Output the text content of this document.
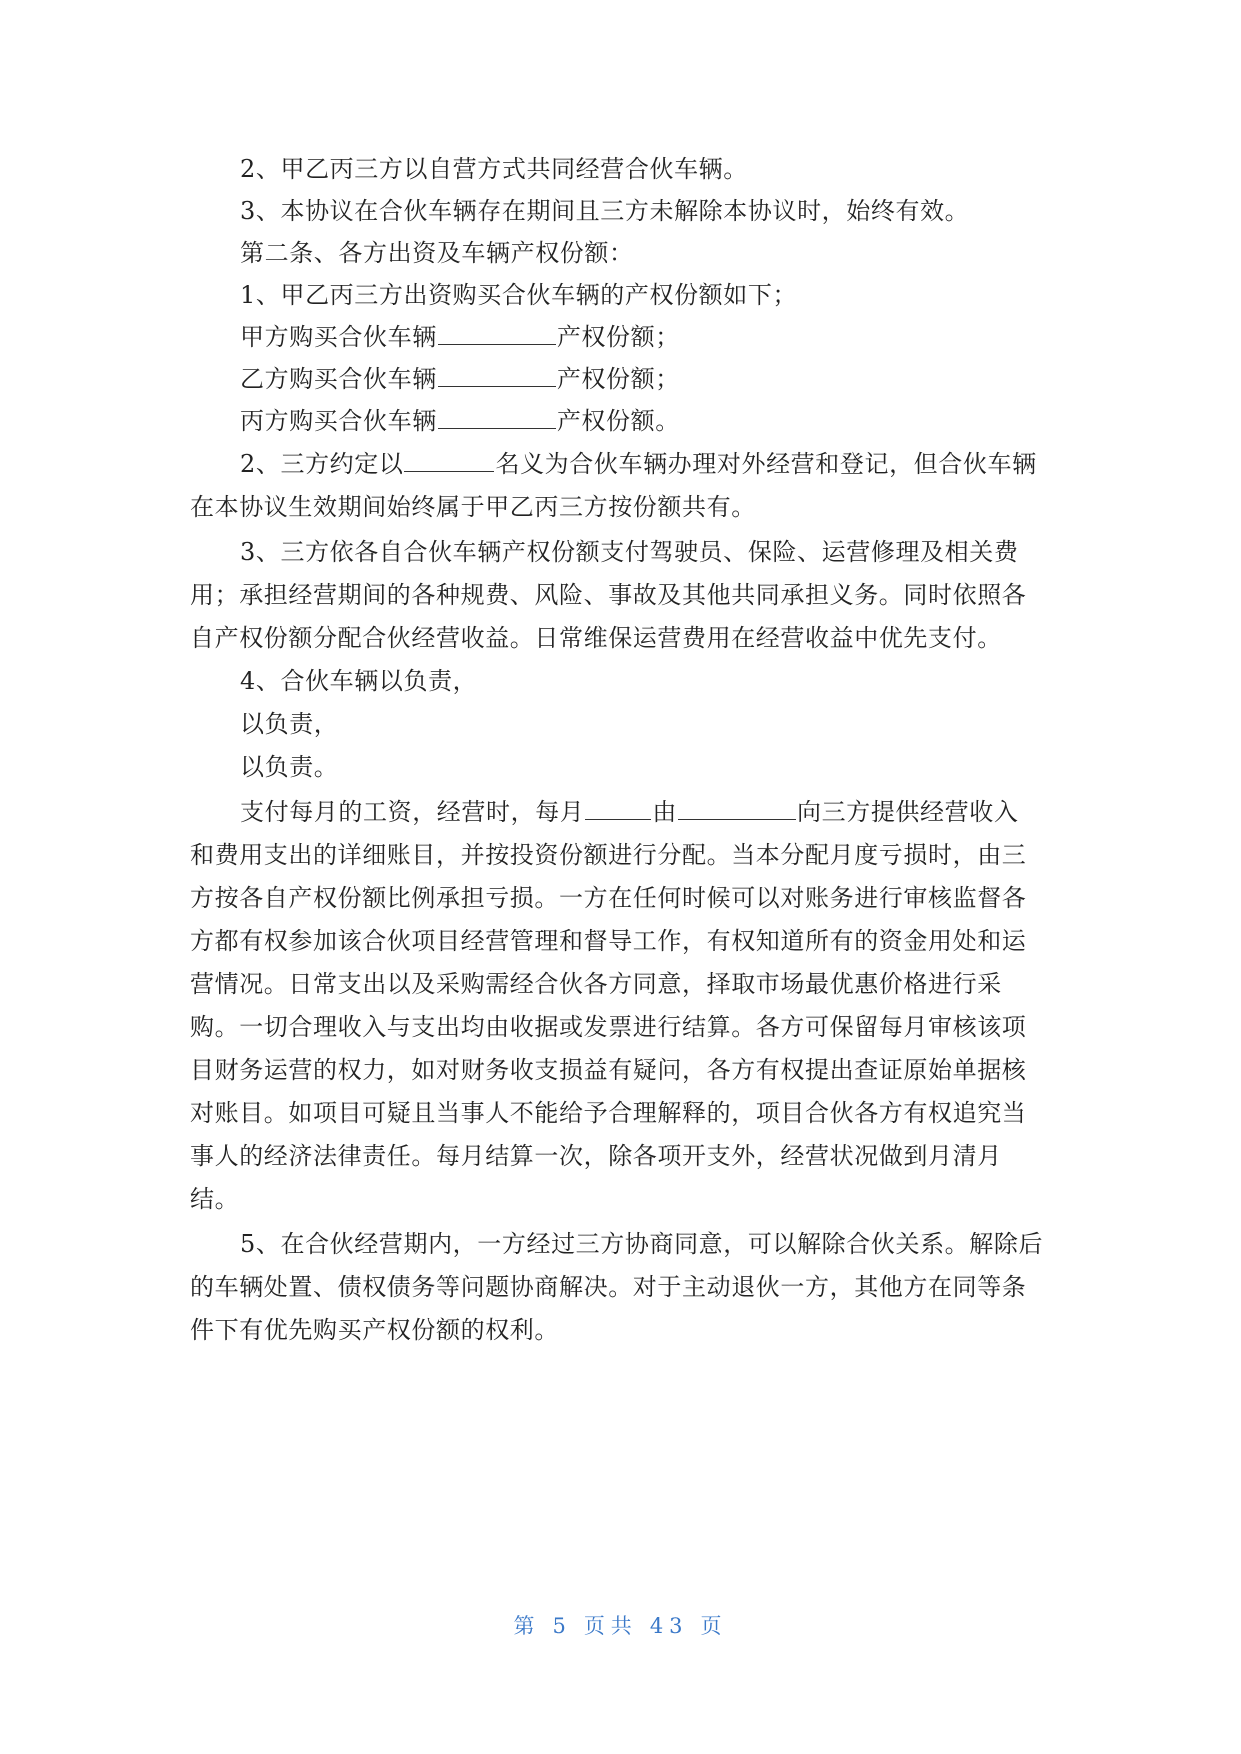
2、甲乙丙三方以自营方式共同经营合伙车辆。
3、本协议在合伙车辆存在期间且三方未解除本协议时，始终有效。
第二条、各方出资及车辆产权份额：
1、甲乙丙三方出资购买合伙车辆的产权份额如下；
甲方购买合伙车辆	产权份额；
乙方购买合伙车辆	产权份额；
丙方购买合伙车辆	产权份额。
2、三方约定以	名义为合伙车辆办理对外经营和登记，但合伙车辆
在本协议生效期间始终属于甲乙丙三方按份额共有。
3、三方依各自合伙车辆产权份额支付驾驶员、保险、运营修理及相关费
用；承担经营期间的各种规费、风险、事故及其他共同承担义务。同时依照各
自产权份额分配合伙经营收益。日常维保运营费用在经营收益中优先支付。
4、合伙车辆以负责，
以负责，
以负责。
支付每月的工资，经营时，每月	由	向三方提供经营收入
和费用支出的详细账目，并按投资份额进行分配。当本分配月度亏损时，由三
方按各自产权份额比例承担亏损。一方在任何时候可以对账务进行审核监督各
方都有权参加该合伙项目经营管理和督导工作，有权知道所有的资金用处和运
营情况。日常支出以及采购需经合伙各方同意，择取市场最优惠价格进行采
购。一切合理收入与支出均由收据或发票进行结算。各方可保留每月审核该项
目财务运营的权力，如对财务收支损益有疑问，各方有权提出查证原始单据核
对账目。如项目可疑且当事人不能给予合理解释的，项目合伙各方有权追究当
事人的经济法律责任。每月结算一次，除各项开支外，经营状况做到月清月
结。
5、在合伙经营期内，一方经过三方协商同意，可以解除合伙关系。解除后
的车辆处置、债权债务等问题协商解决。对于主动退伙一方，其他方在同等条
件下有优先购买产权份额的权利。
第 5 页共 43 页
